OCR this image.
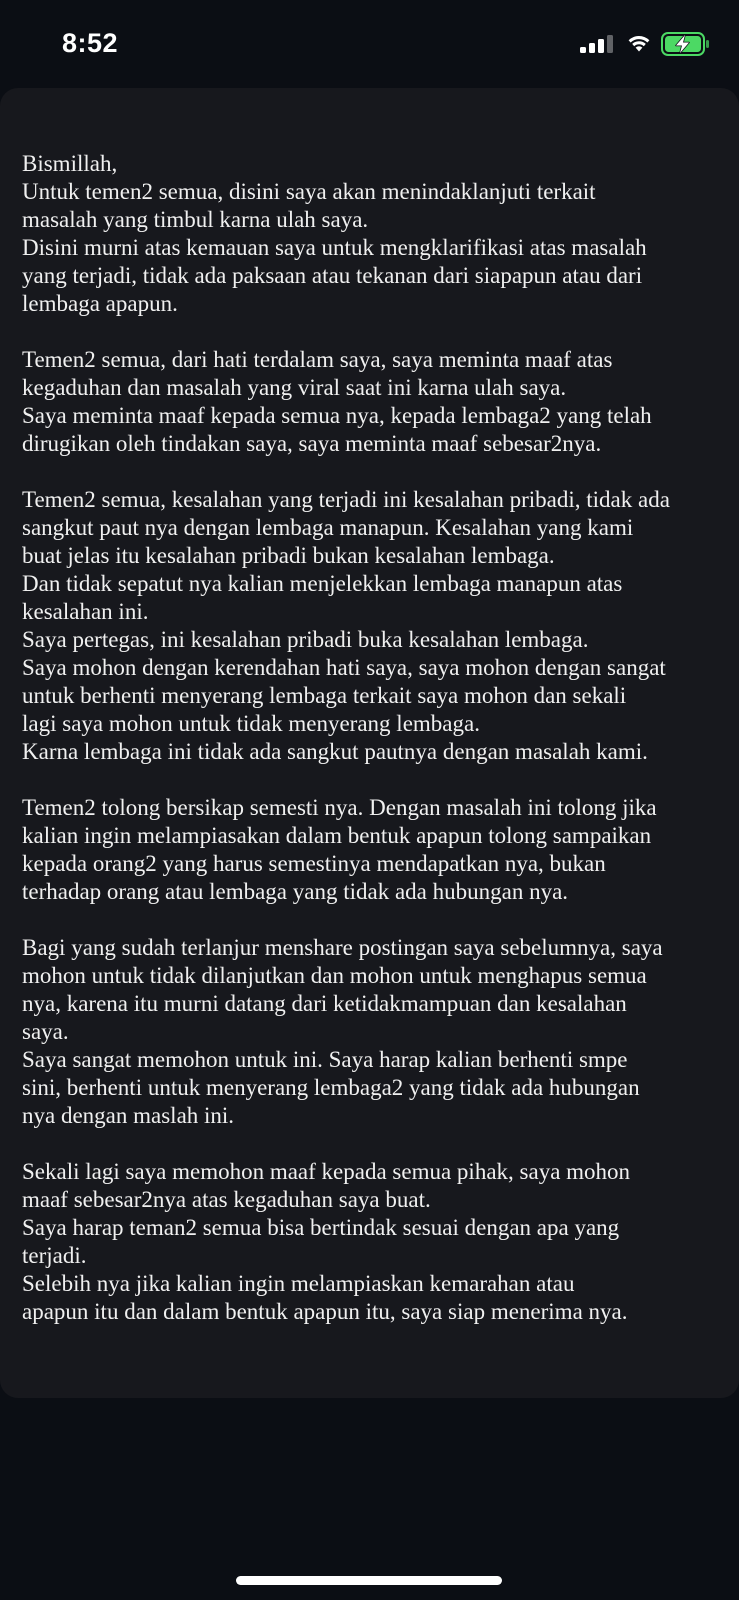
8:52

Bismillah,
Untuk temen2 semua, disini saya akan menindaklanjuti terkait
masalah yang timbul karna ulah saya.
Disini murni atas kemauan saya untuk mengklarifikasi atas masalah
yang terjadi, tidak ada paksaan atau tekanan dari siapapun atau dari
lembaga apapun.

Temen2 semua, dari hati terdalam saya, saya meminta maaf atas
kegaduhan dan masalah yang viral saat ini karna ulah saya.
Saya meminta maaf kepada semua nya, kepada lembaga2 yang telah
dirugikan oleh tindakan saya, saya meminta maaf sebesar2nya.

Temen2 semua, kesalahan yang terjadi ini kesalahan pribadi, tidak ada
sangkut paut nya dengan lembaga manapun. Kesalahan yang kami
buat jelas itu kesalahan pribadi bukan kesalahan lembaga.
Dan tidak sepatut nya kalian menjelekkan lembaga manapun atas
kesalahan ini.
Saya pertegas, ini kesalahan pribadi buka kesalahan lembaga.
Saya mohon dengan kerendahan hati saya, saya mohon dengan sangat
untuk berhenti menyerang lembaga terkait saya mohon dan sekali
lagi saya mohon untuk tidak menyerang lembaga.
Karna lembaga ini tidak ada sangkut pautnya dengan masalah kami.

Temen2 tolong bersikap semesti nya. Dengan masalah ini tolong jika
kalian ingin melampiasakan dalam bentuk apapun tolong sampaikan
kepada orang2 yang harus semestinya mendapatkan nya, bukan
terhadap orang atau lembaga yang tidak ada hubungan nya.

Bagi yang sudah terlanjur menshare postingan saya sebelumnya, saya
mohon untuk tidak dilanjutkan dan mohon untuk menghapus semua
nya, karena itu murni datang dari ketidakmampuan dan kesalahan
saya.
Saya sangat memohon untuk ini. Saya harap kalian berhenti smpe
sini, berhenti untuk menyerang lembaga2 yang tidak ada hubungan
nya dengan maslah ini.

Sekali lagi saya memohon maaf kepada semua pihak, saya mohon
maaf sebesar2nya atas kegaduhan saya buat.
Saya harap teman2 semua bisa bertindak sesuai dengan apa yang
terjadi.
Selebih nya jika kalian ingin melampiaskan kemarahan atau
apapun itu dan dalam bentuk apapun itu, saya siap menerima nya.
